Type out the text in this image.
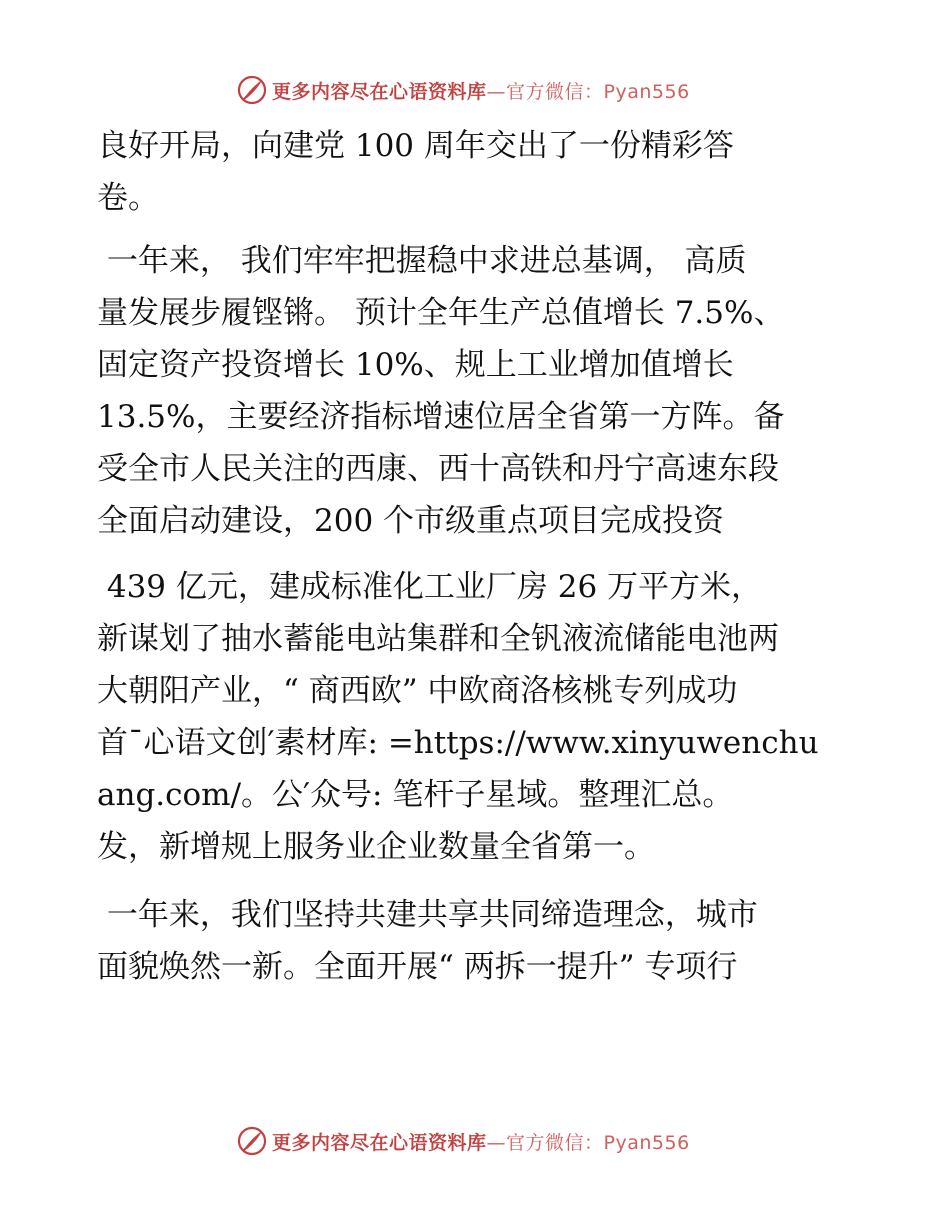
更多内容尽在心语资料库—官方微信：Pyan556
良好开局，向建党 100 周年交出了一份精彩答
卷。
一年来， 我们牢牢把握稳中求进总基调， 高质
量发展步履铿锵。 预计全年生产总值增长 7.5%、
固定资产投资增长 10%、规上工业增加值增长
13.5%，主要经济指标增速位居全省第一方阵。备
受全市人民关注的西康、西十高铁和丹宁高速东段
全面启动建设，200 个市级重点项目完成投资
439 亿元，建成标准化工业厂房 26 万平方米，
新谋划了抽水蓄能电站集群和全钒液流储能电池两
大朝阳产业，“ 商西欧” 中欧商洛核桃专列成功
首¯心语文创′素材库: =https://www.xinyuwenchu
ang.com/。公′众号: 笔杆子星域。整理汇总。
发，新增规上服务业企业数量全省第一。
一年来，我们坚持共建共享共同缔造理念，城市
面貌焕然一新。全面开展“ 两拆一提升” 专项行
更多内容尽在心语资料库—官方微信：Pyan556
